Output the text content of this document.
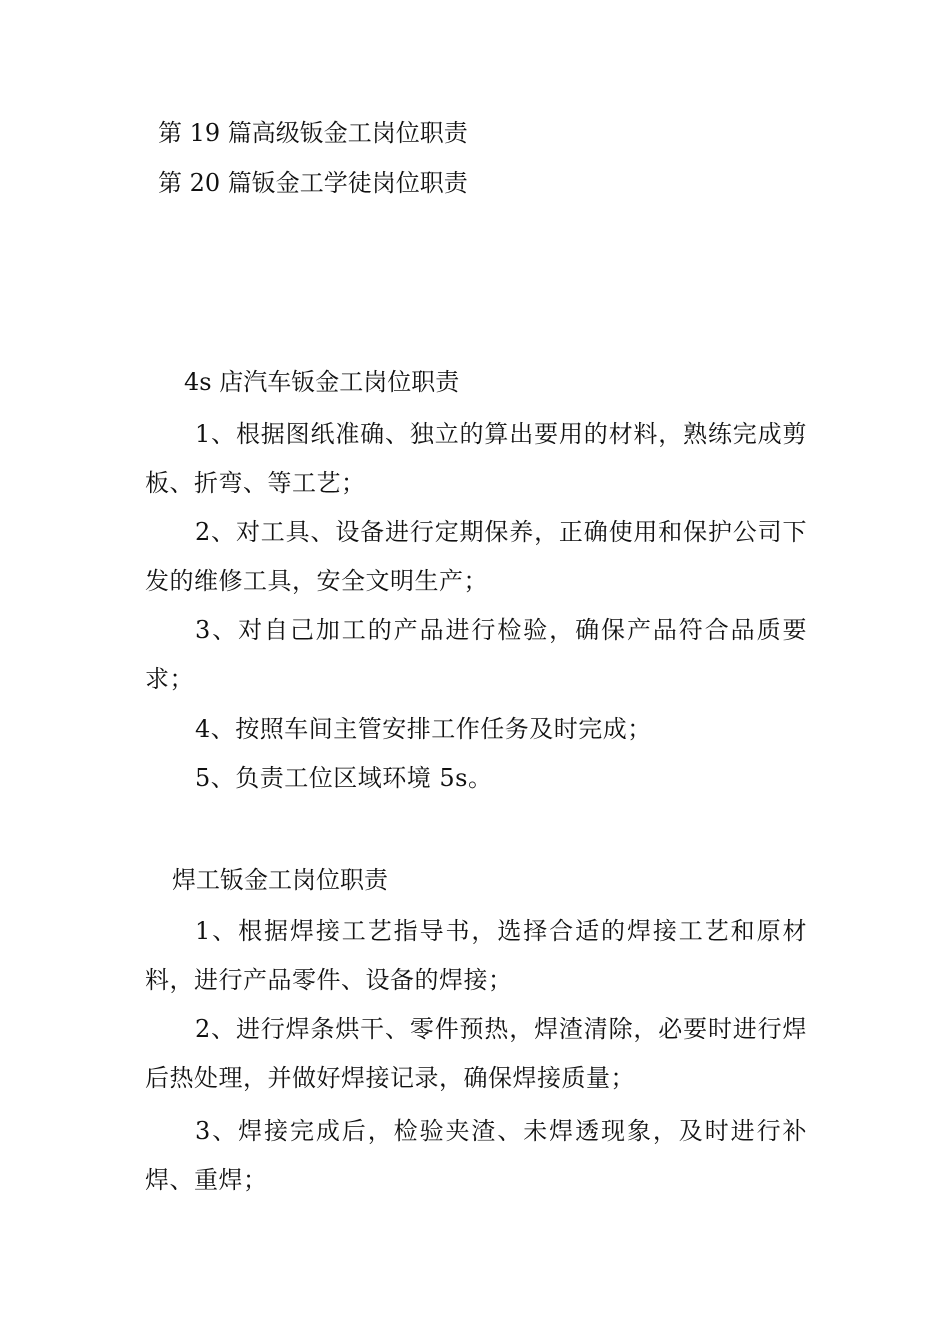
第 19 篇高级钣金工岗位职责
第 20 篇钣金工学徒岗位职责
4s 店汽车钣金工岗位职责

1、根据图纸准确、独立的算出要用的材料，熟练完成剪板、折弯、等工艺；

2、对工具、设备进行定期保养，正确使用和保护公司下发的维修工具，安全文明生产；

3、对自己加工的产品进行检验，确保产品符合品质要求；

4、按照车间主管安排工作任务及时完成；

5、负责工位区域环境 5s。

焊工钣金工岗位职责

1、根据焊接工艺指导书，选择合适的焊接工艺和原材料，进行产品零件、设备的焊接；

2、进行焊条烘干、零件预热，焊渣清除，必要时进行焊后热处理，并做好焊接记录，确保焊接质量；

3、焊接完成后，检验夹渣、未焊透现象，及时进行补焊、重焊；
